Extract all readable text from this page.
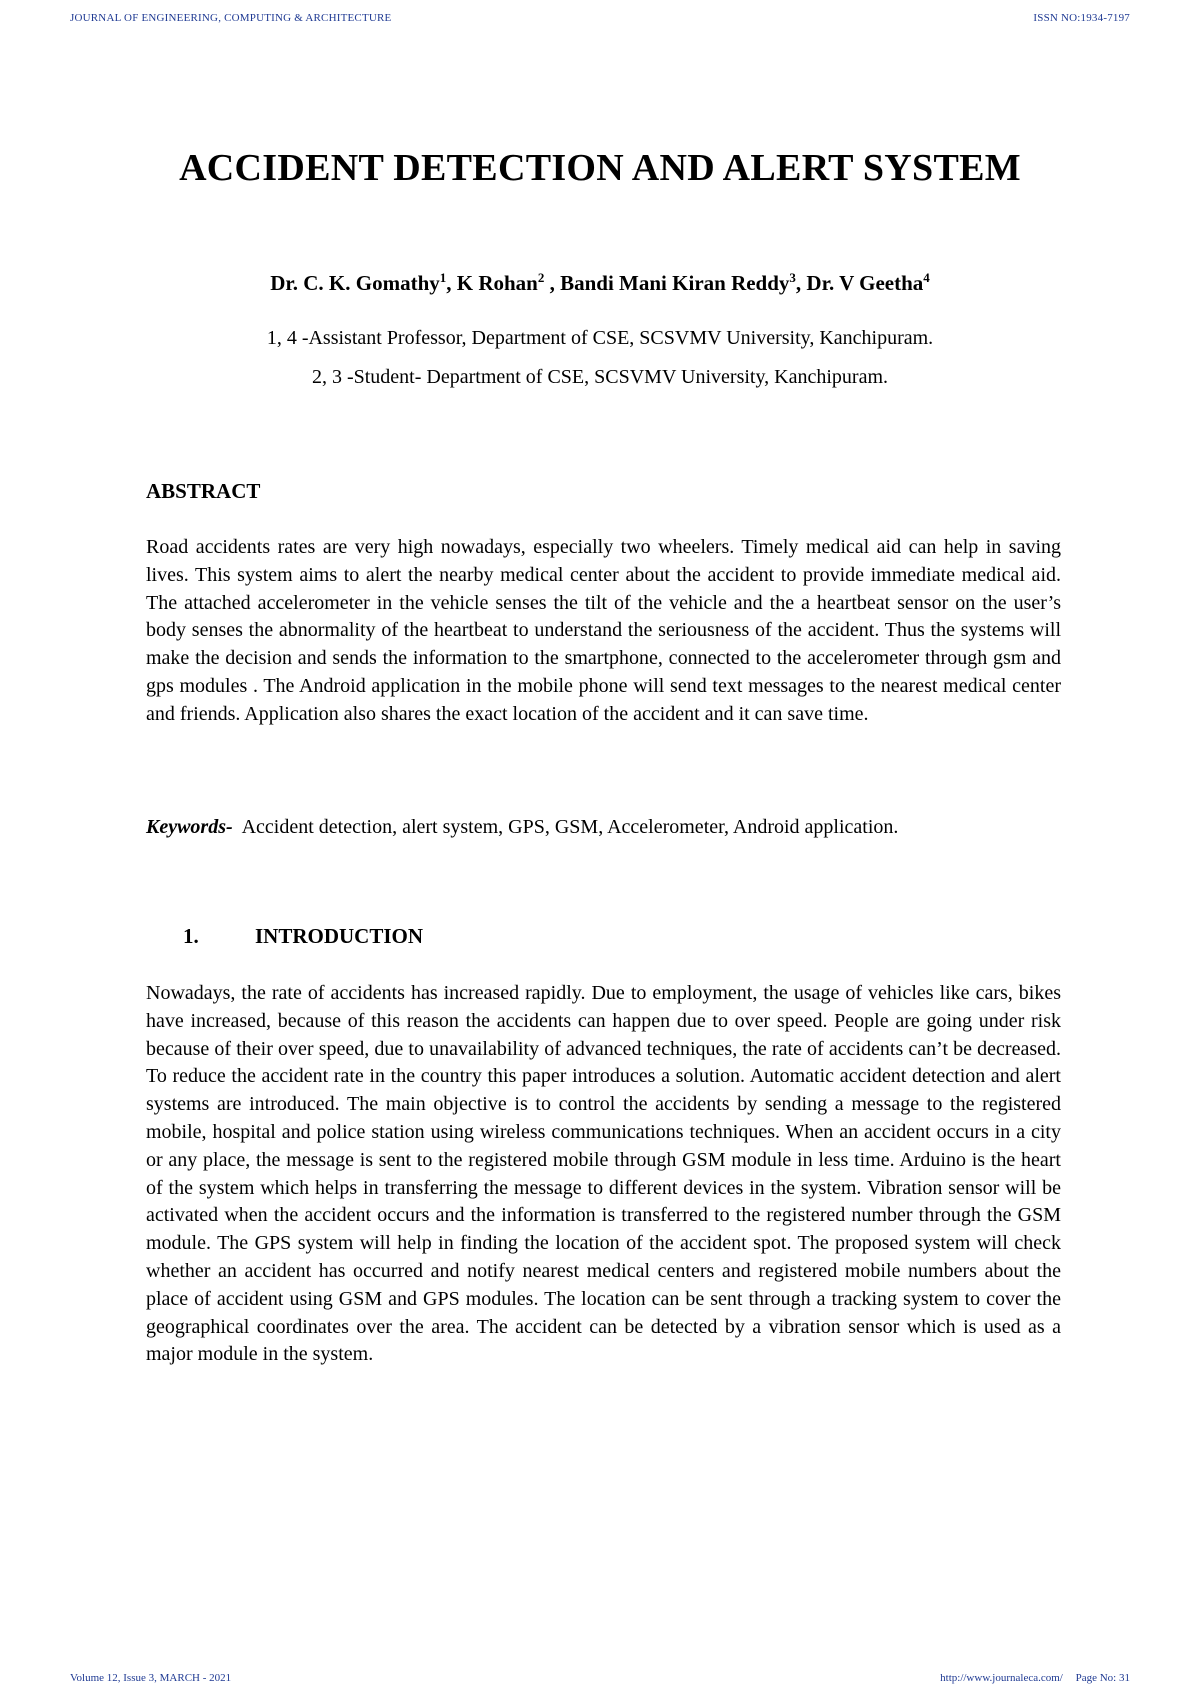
JOURNAL OF ENGINEERING, COMPUTING & ARCHITECTURE	ISSN NO:1934-7197
ACCIDENT DETECTION AND ALERT SYSTEM
Dr. C. K. Gomathy$^1$, K Rohan$^2$ , Bandi Mani Kiran Reddy$^3$, Dr. V Geetha$^4$
1, 4 -Assistant Professor, Department of CSE, SCSVMV University, Kanchipuram.
2, 3 -Student- Department of CSE, SCSVMV University, Kanchipuram.
ABSTRACT
Road accidents rates are very high nowadays, especially two wheelers. Timely medical aid can help in saving lives. This system aims to alert the nearby medical center about the accident to provide immediate medical aid. The attached accelerometer in the vehicle senses the tilt of the vehicle and the a heartbeat sensor on the user’s body senses the abnormality of the heartbeat to understand the seriousness of the accident. Thus the systems will make the decision and sends the information to the smartphone, connected to the accelerometer through gsm and gps modules . The Android application in the mobile phone will send text messages to the nearest medical center and friends. Application also shares the exact location of the accident and it can save time.
Keywords- Accident detection, alert system, GPS, GSM, Accelerometer, Android application.
1.	INTRODUCTION
Nowadays, the rate of accidents has increased rapidly. Due to employment, the usage of vehicles like cars, bikes have increased, because of this reason the accidents can happen due to over speed. People are going under risk because of their over speed, due to unavailability of advanced techniques, the rate of accidents can’t be decreased. To reduce the accident rate in the country this paper introduces a solution. Automatic accident detection and alert systems are introduced. The main objective is to control the accidents by sending a message to the registered mobile, hospital and police station using wireless communications techniques. When an accident occurs in a city or any place, the message is sent to the registered mobile through GSM module in less time. Arduino is the heart of the system which helps in transferring the message to different devices in the system. Vibration sensor will be activated when the accident occurs and the information is transferred to the registered number through the GSM module. The GPS system will help in finding the location of the accident spot. The proposed system will check whether an accident has occurred and notify nearest medical centers and registered mobile numbers about the place of accident using GSM and GPS modules. The location can be sent through a tracking system to cover the geographical coordinates over the area. The accident can be detected by a vibration sensor which is used as a major module in the system.
Volume 12, Issue 3, MARCH - 2021	http://www.journaleca.com/ Page No: 31
